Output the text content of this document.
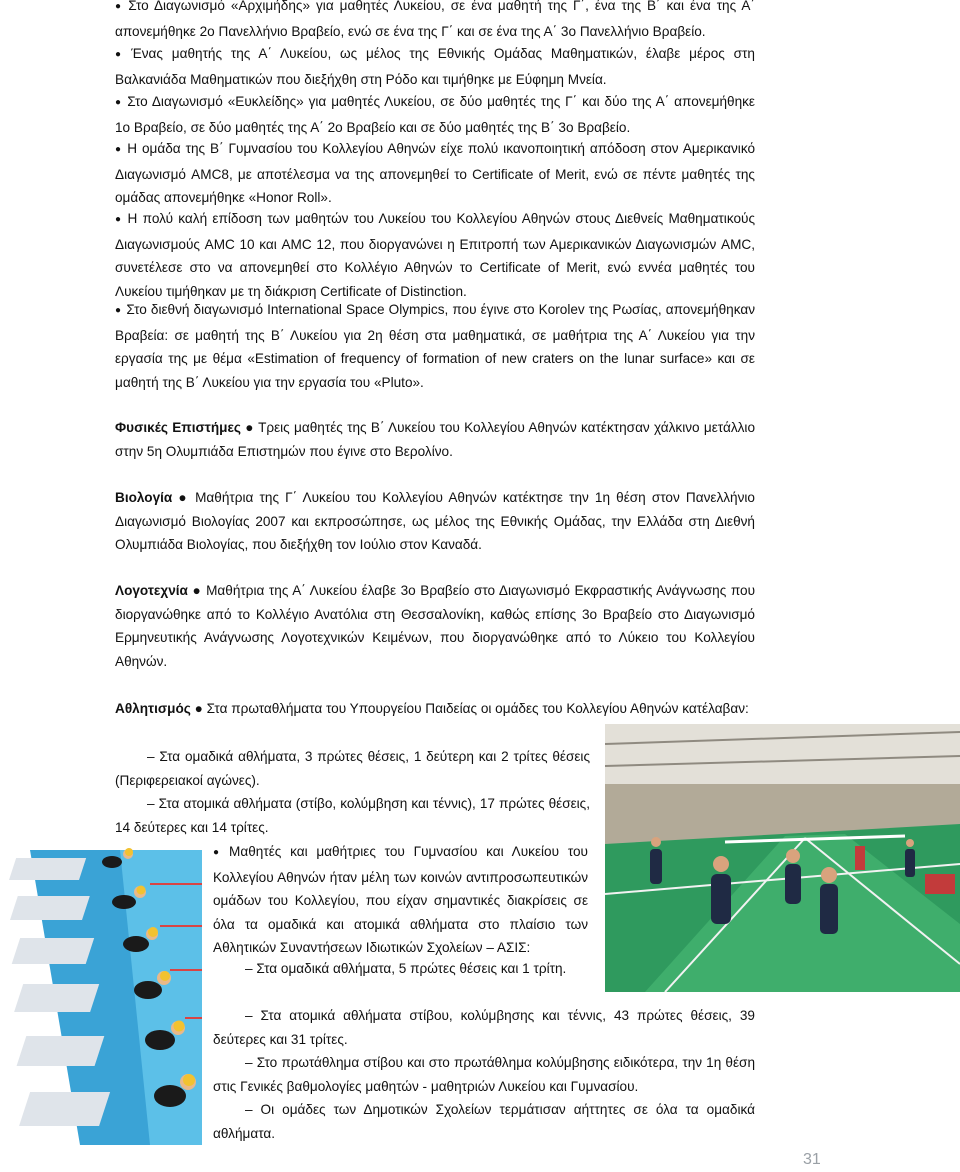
● Στο Διαγωνισμό «Αρχιμήδης» για μαθητές Λυκείου, σε ένα μαθητή της Γ΄, ένα της Β΄ και ένα της Α΄ απονεμήθηκε 2ο Πανελλήνιο Βραβείο, ενώ σε ένα της Γ΄ και σε ένα της Α΄ 3ο Πανελλήνιο Βραβείο.
● Ένας μαθητής της Α΄ Λυκείου, ως μέλος της Εθνικής Ομάδας Μαθηματικών, έλαβε μέρος στη Βαλκανιάδα Μαθηματικών που διεξήχθη στη Ρόδο και τιμήθηκε με Εύφημη Μνεία.
● Στο Διαγωνισμό «Ευκλείδης» για μαθητές Λυκείου, σε δύο μαθητές της Γ΄ και δύο της Α΄ απονεμήθηκε 1ο Βραβείο, σε δύο μαθητές της Α΄ 2ο Βραβείο και σε δύο μαθητές της Β΄ 3ο Βραβείο.
● Η ομάδα της Β΄ Γυμνασίου του Κολλεγίου Αθηνών είχε πολύ ικανοποιητική απόδοση στον Αμερικανικό Διαγωνισμό AMC8, με αποτέλεσμα να της απονεμηθεί το Certificate of Merit, ενώ σε πέντε μαθητές της ομάδας απονεμήθηκε «Honor Roll».
● Η πολύ καλή επίδοση των μαθητών του Λυκείου του Κολλεγίου Αθηνών στους Διεθνείς Μαθηματικούς Διαγωνισμούς AMC 10 και AMC 12, που διοργανώνει η Επιτροπή των Αμερικανικών Διαγωνισμών AMC, συνετέλεσε στο να απονεμηθεί στο Κολλέγιο Αθηνών το Certificate of Merit, ενώ εννέα μαθητές του Λυκείου τιμήθηκαν με τη διάκριση Certificate of Distinction.
● Στο διεθνή διαγωνισμό International Space Olympics, που έγινε στο Korolev της Ρωσίας, απονεμήθηκαν Βραβεία: σε μαθητή της Β΄ Λυκείου για 2η θέση στα μαθηματικά, σε μαθήτρια της Α΄ Λυκείου για την εργασία της με θέμα «Estimation of frequency of formation of new craters on the lunar surface» και σε μαθητή της Β΄ Λυκείου για την εργασία του «Pluto».
Φυσικές Επιστήμες ● Τρεις μαθητές της Β΄ Λυκείου του Κολλεγίου Αθηνών κατέκτησαν χάλκινο μετάλλιο στην 5η Ολυμπιάδα Επιστημών που έγινε στο Βερολίνο.
Βιολογία ● Μαθήτρια της Γ΄ Λυκείου του Κολλεγίου Αθηνών κατέκτησε την 1η θέση στον Πανελλήνιο Διαγωνισμό Βιολογίας 2007 και εκπροσώπησε, ως μέλος της Εθνικής Ομάδας, την Ελλάδα στη Διεθνή Ολυμπιάδα Βιολογίας, που διεξήχθη τον Ιούλιο στον Καναδά.
Λογοτεχνία ● Μαθήτρια της Α΄ Λυκείου έλαβε 3ο Βραβείο στο Διαγωνισμό Εκφραστικής Ανάγνωσης που διοργανώθηκε από το Κολλέγιο Ανατόλια στη Θεσσαλονίκη, καθώς επίσης 3ο Βραβείο στο Διαγωνισμό Ερμηνευτικής Ανάγνωσης Λογοτεχνικών Κειμένων, που διοργανώθηκε από το Λύκειο του Κολλεγίου Αθηνών.
Αθλητισμός ● Στα πρωταθλήματα του Υπουργείου Παιδείας οι ομάδες του Κολλεγίου Αθηνών κατέλαβαν:
– Στα ομαδικά αθλήματα, 3 πρώτες θέσεις, 1 δεύτερη και 2 τρίτες θέσεις (Περιφερειακοί αγώνες).
– Στα ατομικά αθλήματα (στίβο, κολύμβηση και τέννις), 17 πρώτες θέσεις, 14 δεύτερες και 14 τρίτες.
● Μαθητές και μαθήτριες του Γυμνασίου και Λυκείου του Κολλεγίου Αθηνών ήταν μέλη των κοινών αντιπροσωπευτικών ομάδων του Κολλεγίου, που είχαν σημαντικές διακρίσεις σε όλα τα ομαδικά και ατομικά αθλήματα στο πλαίσιο των Αθλητικών Συναντήσεων Ιδιωτικών Σχολείων – ΑΣΙΣ:
– Στα ομαδικά αθλήματα, 5 πρώτες θέσεις και 1 τρίτη.
– Στα ατομικά αθλήματα στίβου, κολύμβησης και τέννις, 43 πρώτες θέσεις, 39 δεύτερες και 31 τρίτες.
– Στο πρωτάθλημα στίβου και στο πρωτάθλημα κολύμβησης ειδικότερα, την 1η θέση στις Γενικές βαθμολογίες μαθητών - μαθητριών Λυκείου και Γυμνασίου.
– Οι ομάδες των Δημοτικών Σχολείων τερμάτισαν αήττητες σε όλα τα ομαδικά αθλήματα.
31
